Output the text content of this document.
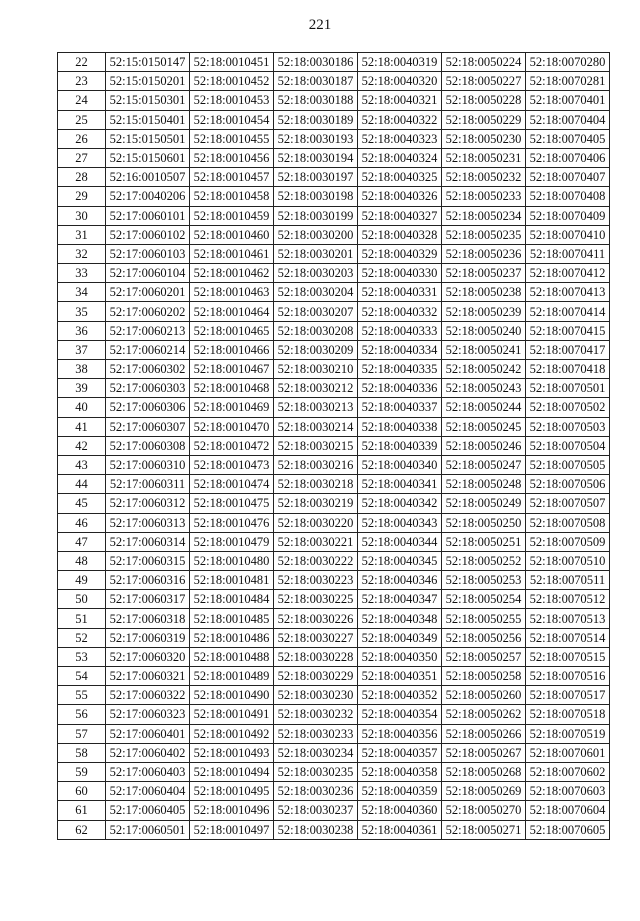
221
22	52:15:0150147	52:18:0010451	52:18:0030186	52:18:0040319	52:18:0050224	52:18:0070280
23	52:15:0150201	52:18:0010452	52:18:0030187	52:18:0040320	52:18:0050227	52:18:0070281
24	52:15:0150301	52:18:0010453	52:18:0030188	52:18:0040321	52:18:0050228	52:18:0070401
25	52:15:0150401	52:18:0010454	52:18:0030189	52:18:0040322	52:18:0050229	52:18:0070404
26	52:15:0150501	52:18:0010455	52:18:0030193	52:18:0040323	52:18:0050230	52:18:0070405
27	52:15:0150601	52:18:0010456	52:18:0030194	52:18:0040324	52:18:0050231	52:18:0070406
28	52:16:0010507	52:18:0010457	52:18:0030197	52:18:0040325	52:18:0050232	52:18:0070407
29	52:17:0040206	52:18:0010458	52:18:0030198	52:18:0040326	52:18:0050233	52:18:0070408
30	52:17:0060101	52:18:0010459	52:18:0030199	52:18:0040327	52:18:0050234	52:18:0070409
31	52:17:0060102	52:18:0010460	52:18:0030200	52:18:0040328	52:18:0050235	52:18:0070410
32	52:17:0060103	52:18:0010461	52:18:0030201	52:18:0040329	52:18:0050236	52:18:0070411
33	52:17:0060104	52:18:0010462	52:18:0030203	52:18:0040330	52:18:0050237	52:18:0070412
34	52:17:0060201	52:18:0010463	52:18:0030204	52:18:0040331	52:18:0050238	52:18:0070413
35	52:17:0060202	52:18:0010464	52:18:0030207	52:18:0040332	52:18:0050239	52:18:0070414
36	52:17:0060213	52:18:0010465	52:18:0030208	52:18:0040333	52:18:0050240	52:18:0070415
37	52:17:0060214	52:18:0010466	52:18:0030209	52:18:0040334	52:18:0050241	52:18:0070417
38	52:17:0060302	52:18:0010467	52:18:0030210	52:18:0040335	52:18:0050242	52:18:0070418
39	52:17:0060303	52:18:0010468	52:18:0030212	52:18:0040336	52:18:0050243	52:18:0070501
40	52:17:0060306	52:18:0010469	52:18:0030213	52:18:0040337	52:18:0050244	52:18:0070502
41	52:17:0060307	52:18:0010470	52:18:0030214	52:18:0040338	52:18:0050245	52:18:0070503
42	52:17:0060308	52:18:0010472	52:18:0030215	52:18:0040339	52:18:0050246	52:18:0070504
43	52:17:0060310	52:18:0010473	52:18:0030216	52:18:0040340	52:18:0050247	52:18:0070505
44	52:17:0060311	52:18:0010474	52:18:0030218	52:18:0040341	52:18:0050248	52:18:0070506
45	52:17:0060312	52:18:0010475	52:18:0030219	52:18:0040342	52:18:0050249	52:18:0070507
46	52:17:0060313	52:18:0010476	52:18:0030220	52:18:0040343	52:18:0050250	52:18:0070508
47	52:17:0060314	52:18:0010479	52:18:0030221	52:18:0040344	52:18:0050251	52:18:0070509
48	52:17:0060315	52:18:0010480	52:18:0030222	52:18:0040345	52:18:0050252	52:18:0070510
49	52:17:0060316	52:18:0010481	52:18:0030223	52:18:0040346	52:18:0050253	52:18:0070511
50	52:17:0060317	52:18:0010484	52:18:0030225	52:18:0040347	52:18:0050254	52:18:0070512
51	52:17:0060318	52:18:0010485	52:18:0030226	52:18:0040348	52:18:0050255	52:18:0070513
52	52:17:0060319	52:18:0010486	52:18:0030227	52:18:0040349	52:18:0050256	52:18:0070514
53	52:17:0060320	52:18:0010488	52:18:0030228	52:18:0040350	52:18:0050257	52:18:0070515
54	52:17:0060321	52:18:0010489	52:18:0030229	52:18:0040351	52:18:0050258	52:18:0070516
55	52:17:0060322	52:18:0010490	52:18:0030230	52:18:0040352	52:18:0050260	52:18:0070517
56	52:17:0060323	52:18:0010491	52:18:0030232	52:18:0040354	52:18:0050262	52:18:0070518
57	52:17:0060401	52:18:0010492	52:18:0030233	52:18:0040356	52:18:0050266	52:18:0070519
58	52:17:0060402	52:18:0010493	52:18:0030234	52:18:0040357	52:18:0050267	52:18:0070601
59	52:17:0060403	52:18:0010494	52:18:0030235	52:18:0040358	52:18:0050268	52:18:0070602
60	52:17:0060404	52:18:0010495	52:18:0030236	52:18:0040359	52:18:0050269	52:18:0070603
61	52:17:0060405	52:18:0010496	52:18:0030237	52:18:0040360	52:18:0050270	52:18:0070604
62	52:17:0060501	52:18:0010497	52:18:0030238	52:18:0040361	52:18:0050271	52:18:0070605
